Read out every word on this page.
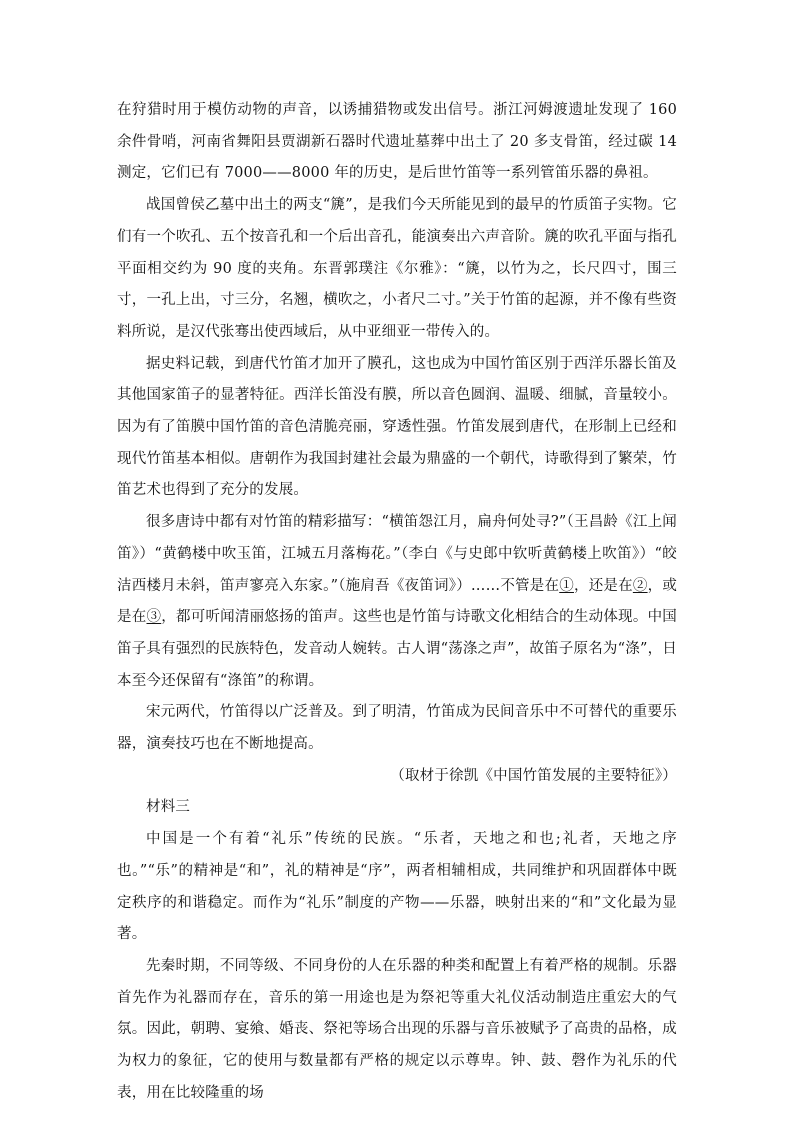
在狩猎时用于模仿动物的声音，以诱捕猎物或发出信号。浙江河姆渡遗址发现了 160 余件骨哨，河南省舞阳县贾湖新石器时代遗址墓葬中出土了 20 多支骨笛，经过碳 14 测定，它们已有 7000——8000 年的历史，是后世竹笛等一系列管笛乐器的鼻祖。

战国曾侯乙墓中出土的两支“篪”，是我们今天所能见到的最早的竹质笛子实物。它们有一个吹孔、五个按音孔和一个后出音孔，能演奏出六声音阶。篪的吹孔平面与指孔平面相交约为 90 度的夹角。东晋郭璞注《尔雅》：“篪，以竹为之，长尺四寸，围三寸，一孔上出，寸三分，名翘，横吹之，小者尺二寸。”关于竹笛的起源，并不像有些资料所说，是汉代张骞出使西域后，从中亚细亚一带传入的。

据史料记载，到唐代竹笛才加开了膜孔，这也成为中国竹笛区别于西洋乐器长笛及其他国家笛子的显著特征。西洋长笛没有膜，所以音色圆润、温暖、细腻，音量较小。因为有了笛膜中国竹笛的音色清脆亮丽，穿透性强。竹笛发展到唐代，在形制上已经和现代竹笛基本相似。唐朝作为我国封建社会最为鼎盛的一个朝代，诗歌得到了繁荣，竹笛艺术也得到了充分的发展。

很多唐诗中都有对竹笛的精彩描写：“横笛怨江月，扁舟何处寻?”（王昌龄《江上闻笛》）“黄鹤楼中吹玉笛，江城五月落梅花。”（李白《与史郎中钦听黄鹤楼上吹笛》）“皎洁西楼月未斜，笛声寥亮入东家。”（施肩吾《夜笛词》）……不管是在①，还是在②，或是在③，都可听闻清丽悠扬的笛声。这些也是竹笛与诗歌文化相结合的生动体现。中国笛子具有强烈的民族特色，发音动人婉转。古人谓“荡涤之声”，故笛子原名为“涤”，日本至今还保留有“涤笛”的称谓。

宋元两代，竹笛得以广泛普及。到了明清，竹笛成为民间音乐中不可替代的重要乐器，演奏技巧也在不断地提高。

（取材于徐凯《中国竹笛发展的主要特征》）

材料三

中国是一个有着“礼乐”传统的民族。“乐者，天地之和也;礼者，天地之序也。”“乐”的精神是“和”，礼的精神是“序”，两者相辅相成，共同维护和巩固群体中既定秩序的和谐稳定。而作为“礼乐”制度的产物——乐器，映射出来的“和”文化最为显著。

先秦时期，不同等级、不同身份的人在乐器的种类和配置上有着严格的规制。乐器首先作为礼器而存在，音乐的第一用途也是为祭祀等重大礼仪活动制造庄重宏大的气氛。因此，朝聘、宴飨、婚丧、祭祀等场合出现的乐器与音乐被赋予了高贵的品格，成为权力的象征，它的使用与数量都有严格的规定以示尊卑。钟、鼓、磬作为礼乐的代表，用在比较隆重的场
